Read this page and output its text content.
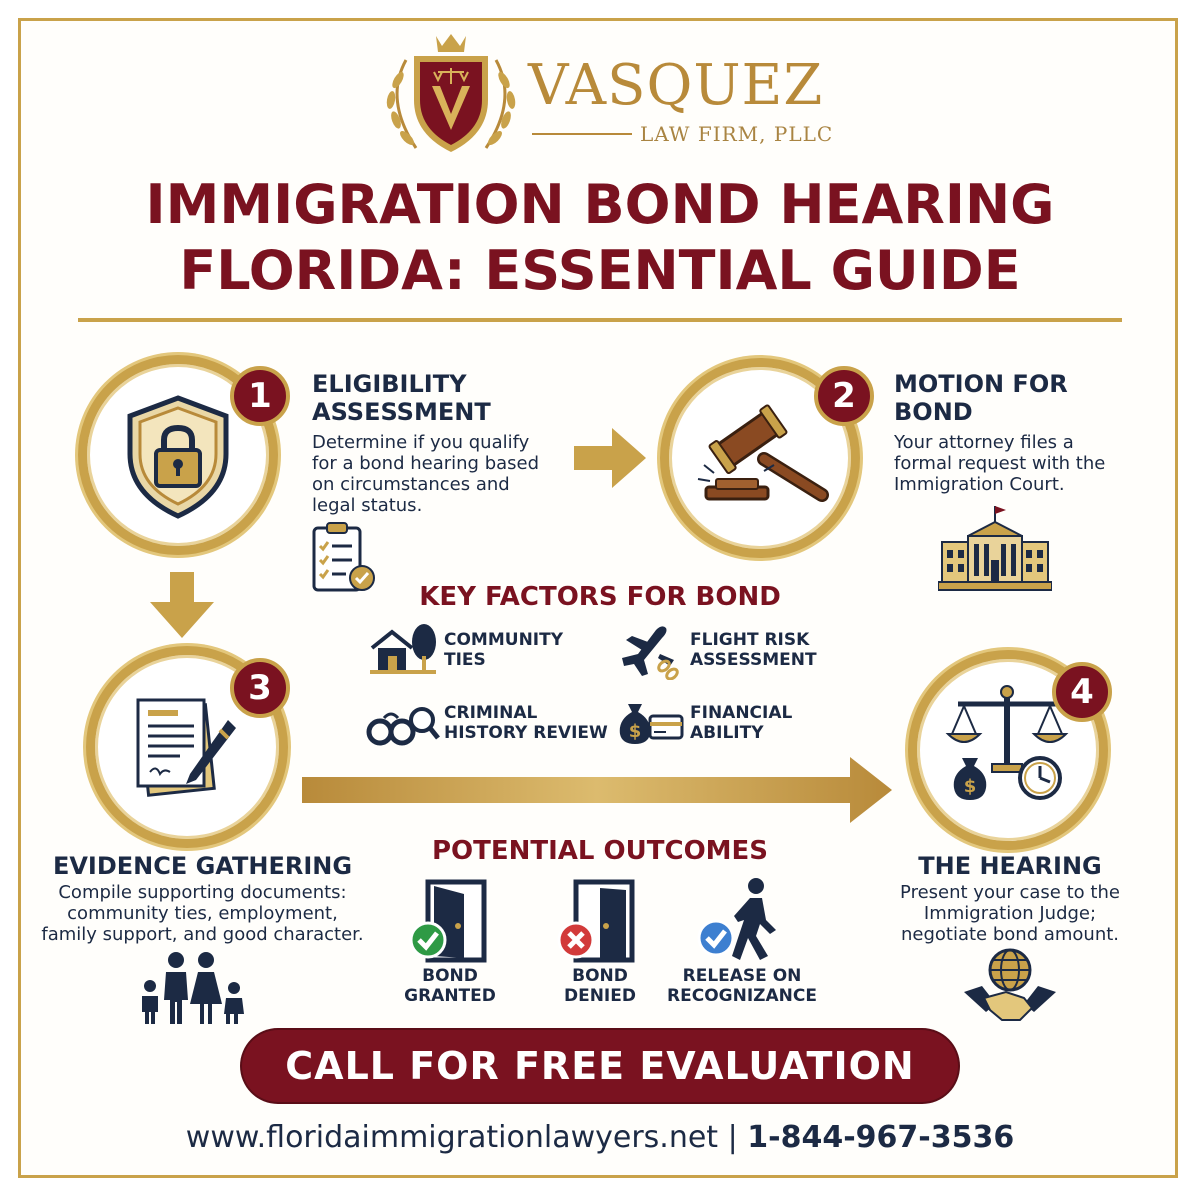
VASQUEZ
LAW FIRM, PLLC
IMMIGRATION BOND HEARING
FLORIDA: ESSENTIAL GUIDE
1	ELIGIBILITY
ASSESSMENT
Determine if you qualify
for a bond hearing based
on circumstances and
legal status.
2	MOTION FOR
BOND
Your attorney files a
formal request with the
Immigration Court.
KEY FACTORS FOR BOND
COMMUNITY
TIES
FLIGHT RISK
ASSESSMENT
CRIMINAL
HISTORY REVIEW $
FINANCIAL
ABILITY
3
EVIDENCE GATHERING
Compile supporting documents:
community ties, employment,
family support, and good character.
$
4
THE HEARING
Present your case to the
Immigration Judge;
negotiate bond amount.
POTENTIAL OUTCOMES
BOND
GRANTED
BOND
DENIED
RELEASE ON
RECOGNIZANCE
CALL FOR FREE EVALUATION
www.floridaimmigrationlawyers.net | 1-844-967-3536
